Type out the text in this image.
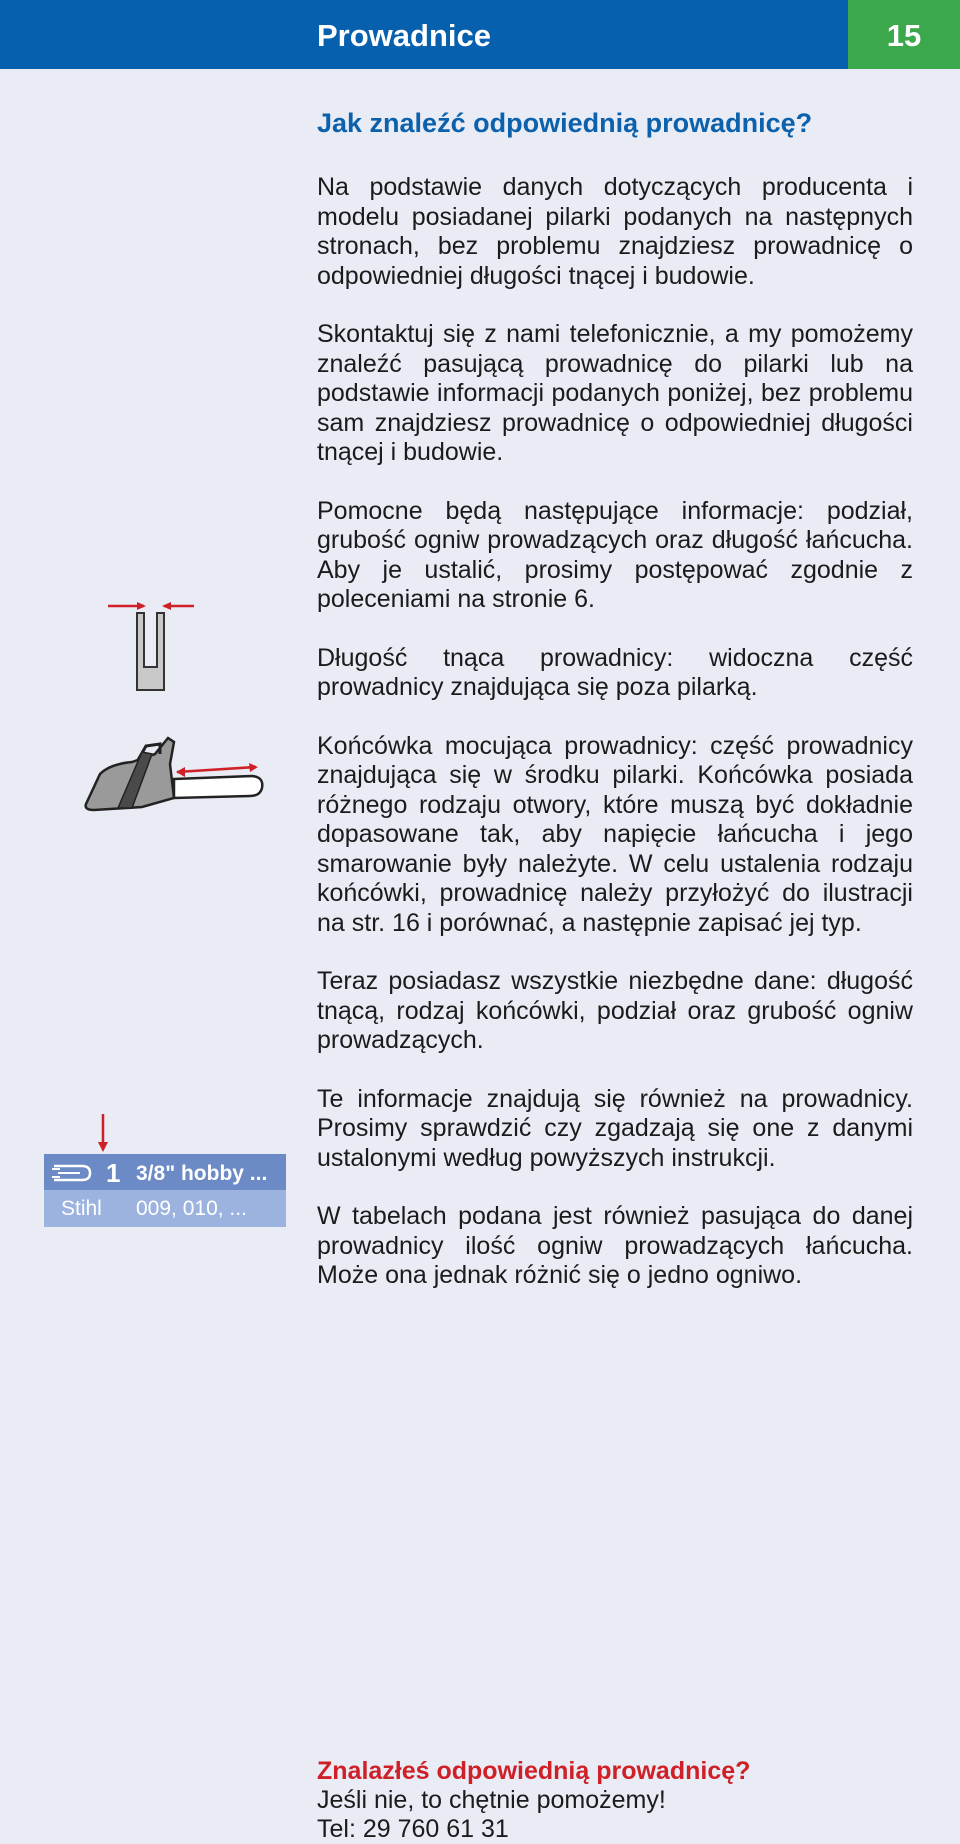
Prowadnice	15
1 3/8" hobby ...
Stihl 009, 010, ...
Jak znaleźć odpowiednią prowadnicę?

Na podstawie danych dotyczących producenta i modelu posiadanej pilarki podanych na następnych stronach, bez problemu znajdziesz prowadnicę o odpowiedniej długości tnącej i budowie.

Skontaktuj się z nami telefonicznie, a my pomożemy znaleźć pasującą prowadnicę do pilarki lub na podstawie informacji podanych poniżej, bez problemu sam znajdziesz prowadnicę o odpowiedniej długości tnącej i budowie.

Pomocne będą następujące informacje: podział, grubość ogniw prowadzących oraz długość łańcucha. Aby je ustalić, prosimy postępować zgodnie z poleceniami na stronie 6.

Długość tnąca prowadnicy: widoczna część prowadnicy znajdująca się poza pilarką.

Końcówka mocująca prowadnicy: część prowadnicy znajdująca się w środku pilarki. Końcówka posiada różnego rodzaju otwory, które muszą być dokładnie dopasowane tak, aby napięcie łańcucha i jego smarowanie były należyte. W celu ustalenia rodzaju końcówki, prowadnicę należy przyłożyć do ilustracji na str. 16 i porównać, a następnie zapisać jej typ.

Teraz posiadasz wszystkie niezbędne dane: długość tnącą, rodzaj końcówki, podział oraz grubość ogniw prowadzących.

Te informacje znajdują się również na prowadnicy. Prosimy sprawdzić czy zgadzają się one z danymi ustalonymi według powyższych instrukcji.

W tabelach podana jest również pasująca do danej prowadnicy ilość ogniw prowadzących łańcucha. Może ona jednak różnić się o jedno ogniwo.

Znalazłeś odpowiednią prowadnicę?
Jeśli nie, to chętnie pomożemy!
Tel: 29 760 61 31
